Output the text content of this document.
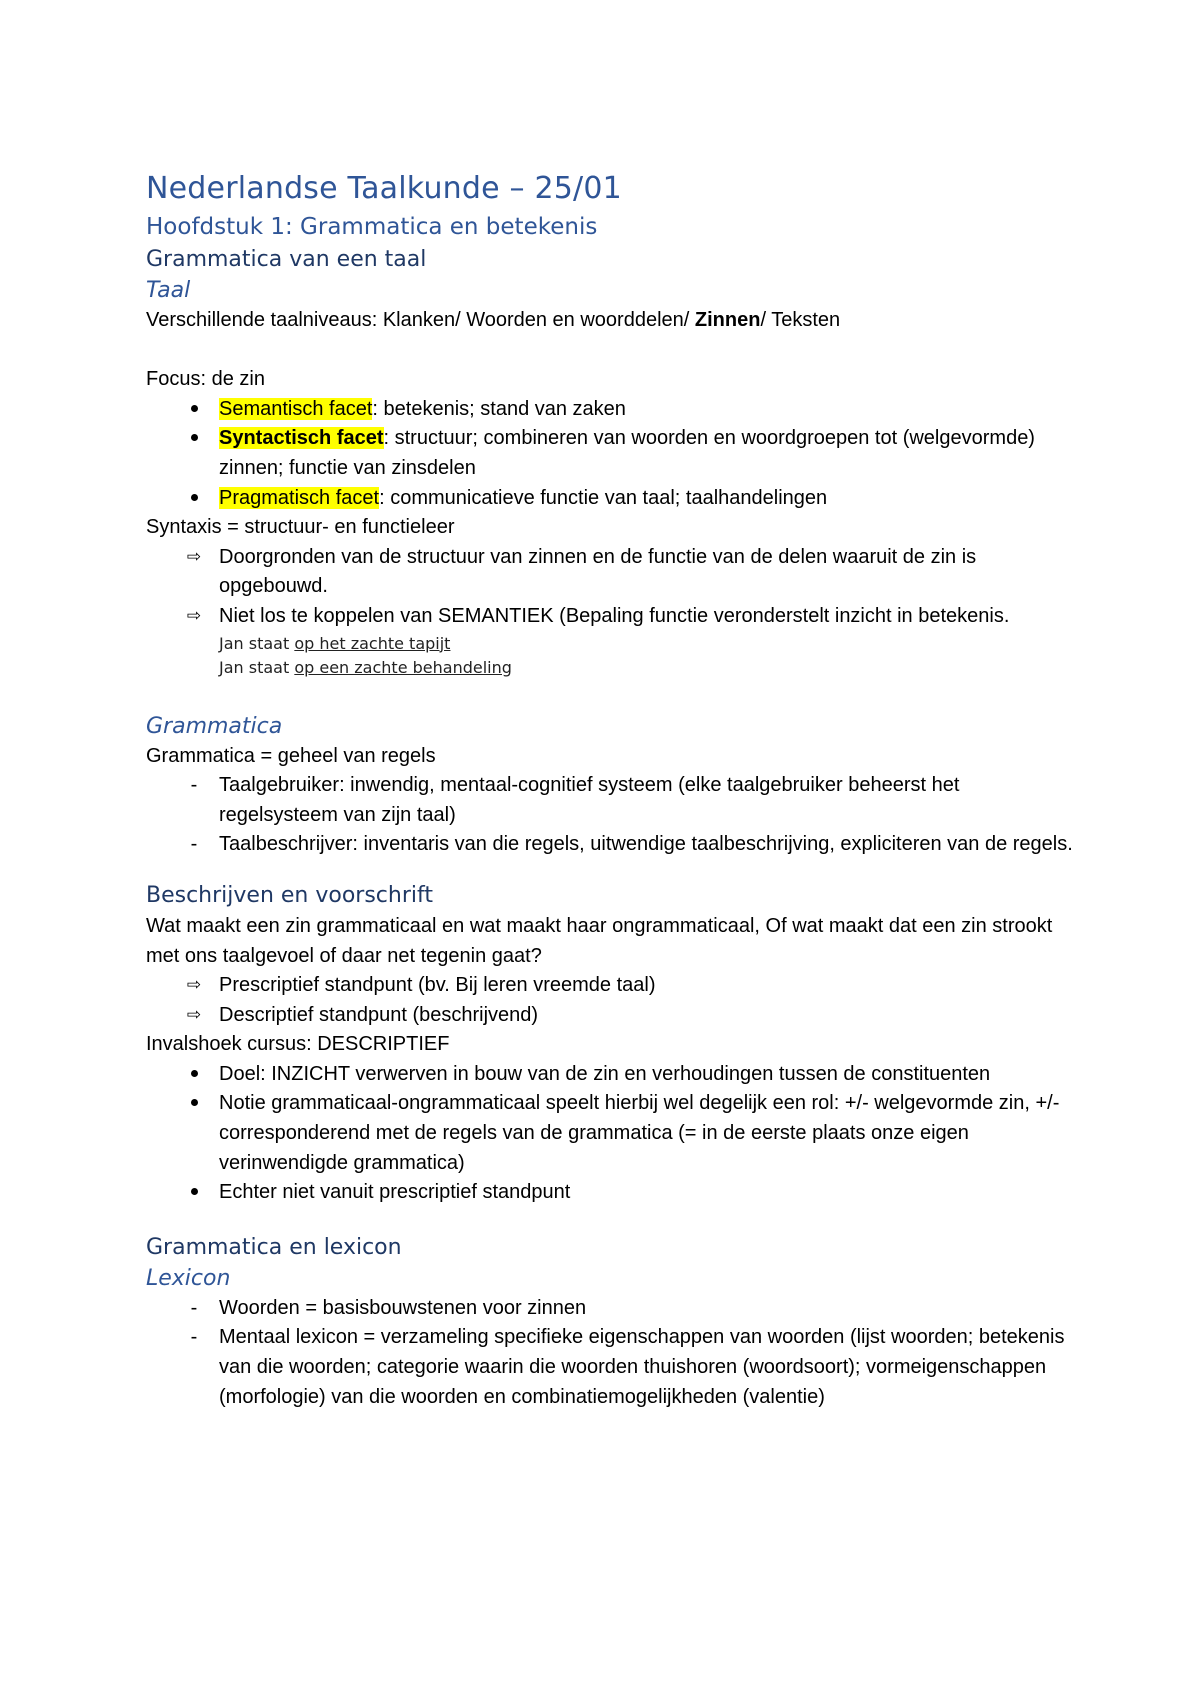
Nederlandse Taalkunde – 25/01
Hoofdstuk 1: Grammatica en betekenis
Grammatica van een taal
Taal

Verschillende taalniveaus: Klanken/ Woorden en woorddelen/ Zinnen/ Teksten

Focus: de zin

Semantisch facet: betekenis; stand van zaken
Syntactisch facet: structuur; combineren van woorden en woordgroepen tot (welgevormde) zinnen; functie van zinsdelen
Pragmatisch facet: communicatieve functie van taal; taalhandelingen

Syntaxis = structuur- en functieleer

⇨ Doorgronden van de structuur van zinnen en de functie van de delen waaruit de zin is opgebouwd.
⇨ Niet los te koppelen van SEMANTIEK (Bepaling functie veronderstelt inzicht in betekenis.

Jan staat op het zachte tapijt

Jan staat op een zachte behandeling

Grammatica

Grammatica = geheel van regels

-	Taalgebruiker: inwendig, mentaal-cognitief systeem (elke taalgebruiker beheerst het regelsysteem van zijn taal)
-	Taalbeschrijver: inventaris van die regels, uitwendige taalbeschrijving, expliciteren van de regels.
Beschrijven en voorschrift

Wat maakt een zin grammaticaal en wat maakt haar ongrammaticaal, Of wat maakt dat een zin strookt met ons taalgevoel of daar net tegenin gaat?

⇨ Prescriptief standpunt (bv. Bij leren vreemde taal)
⇨ Descriptief standpunt (beschrijvend)

Invalshoek cursus: DESCRIPTIEF

Doel: INZICHT verwerven in bouw van de zin en verhoudingen tussen de constituenten
Notie grammaticaal-ongrammaticaal speelt hierbij wel degelijk een rol: +/- welgevormde zin, +/- corresponderend met de regels van de grammatica (= in de eerste plaats onze eigen verinwendigde grammatica)
Echter niet vanuit prescriptief standpunt
Grammatica en lexicon
Lexicon
-	Woorden = basisbouwstenen voor zinnen
-	Mentaal lexicon = verzameling specifieke eigenschappen van woorden (lijst woorden; betekenis van die woorden; categorie waarin die woorden thuishoren (woordsoort); vormeigenschappen (morfologie) van die woorden en combinatiemogelijkheden (valentie)
